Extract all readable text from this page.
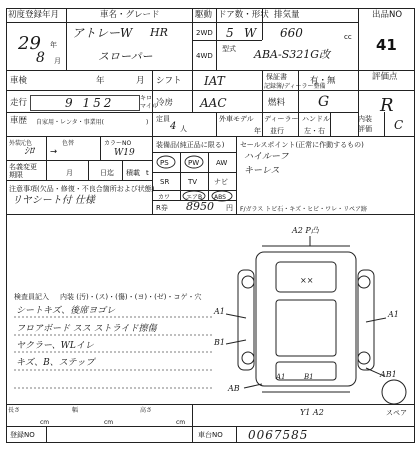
初度登録年月
29 年
8 月
車名・グレード
アトレーW HR
スローパー
駆動
2WD
4WD
ドア数・形状
5 W
排気量
660	cc
型式 ABA-S321G改
出品NO
41
車検	年	月 シフト IAT	保証書
記録簿/ディーラー整備
有・無	評価点
R
走行	9 152	キロ
マイル
冷房 AAC	燃料 G
車歴 自家用・レンタ・事業用(	) 定員
4 人
外車モデル
年
ディーラー
並行
ハンドル
左・右
内装
評価 C
外装
元色
ｼﾛ
色替
→
カラーNO
W19
名義変更
期限	月	日迄 積載 t
注意事項(欠品・修復・不良合箇所および状態)
リヤシート付 仕様
装備品(純正品に限る)
PS	PW AW
SR	TV ナビ
カワ	エアB ABS
R券 8950 円 F/ガラス トビ石・キズ・ヒビ・ワレ・リペア跡
セールスポイント(正常に作動するもの)
ハイルーフ
キーレス
検査員記入 内装 (汚)・(ス)・(傷)・(ヨ)・(ゼ)・コゲ・穴
シートキズ、後席ヨゴレ
フロアボード スス ストライド擦傷
ヤクラー、WLイレ
キズ、B、ステップ
A2 P凸
××
A1	A1
B1
A1
AB
B1	AB1
Y1 A2	スペア
長さ
cm
幅
cm
高さ
cm
登録NO	車台NO 0067585
